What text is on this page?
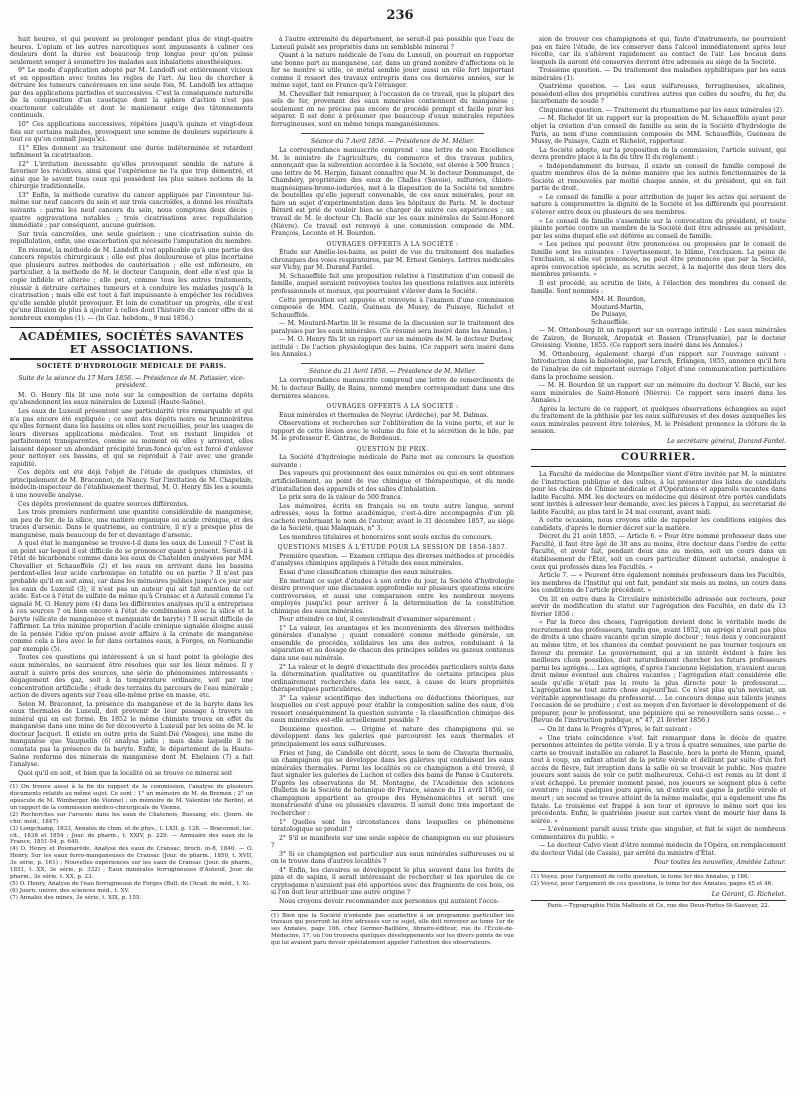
236

huit heures, et qui peuvent se prolonger pendant plus de vingt-quatre heures. L'opium et les autres narcotiques sont impuissants à calmer ces douleurs dont la durée est beaucoup trop longue pour qu'on puisse seulement songer à soumettre les malades aux inhalations anesthésiques.

9° Le mode d'application adopté par M. Landolfi est entièrement vicieux et en opposition avec toutes les règles de l'art. Au lieu de chercher à détruire les tumeurs cancéreuses en une seule fois, M. Landolfi les attaque par des applications partielles et successives. C'est la conséquence naturelle de la composition d'un caustique dont la sphère d'action n'est pas exactement calculable et dont le maniement exige des tâtonnements continuels.

10° Ces applications successives, répétées jusqu'à quinze et vingt-deux fois sur certains malades, provoquent une somme de douleurs supérieure à tout ce qu'on connaît jusqu'ici.

11° Elles donnent au traitement une durée indéterminée et retardent infiniment la cicatrisation.

12° L'irritation incessante qu'elles provoquent semble de nature à favoriser les récidives, ainsi que l'expérience ne l'a que trop démontré, et ainsi que le savent tous ceux qui possèdent les plus saines notions de la chirurgie traditionnelle.

13° Enfin, la méthode curative du cancer appliquée par l'inventeur lui-même sur neuf cancers du sein et sur trois cancroïdes, a donné les résultats suivants : parmi les neuf cancers du sein, nous comptons deux décès ; quatre aggravations notables ; trois cicatrisations avec repullulation immédiate ; par conséquent, aucune guérison.

Sur trois cancroïdes, une seule guérison ; une cicatrisation suivie de repullulation, enfin, une exacerbation qui nécessite l'amputation du membre.

En résumé, la méthode de M. Landolfi n'est applicable qu'à une partie des cancers réputés chirurgicaux ; elle est plus douloureuse et plus incertaine que plusieurs autres méthodes de cautérisation ; elle est inférieure, en particulier, à la méthode de M. le docteur Canquoin, dont elle n'est que la copie infidèle et altérée ; elle peut, comme tous les autres traitements, réussir à détruire certaines tumeurs et à conduire les malades jusqu'à la cicatrisation ; mais elle est tout à fait impuissante à empêcher les récidives qu'elle semble plutôt provoquer. Et loin de constituer un progrès, elle n'est qu'une illusion de plus à ajouter à celles dont l'histoire du cancer offre de si nombreux exemples (1). — (In Gaz. hebdom., 9 mai 1856.)

ACADÉMIES, SOCIÉTÉS SAVANTES ET ASSOCIATIONS.
SOCIÉTÉ D'HYDROLOGIE MÉDICALE DE PARIS.
Suite de la séance du 17 Mars 1856. — Présidence de M. Patissier, vice-président.

M. O. Henry fils lit une note sur la composition de certains dépôts qu'abandonnent les eaux minérales de Luxeuil (Haute-Saône).

Les eaux de Luxeuil présentent une particularité très remarquable et qui n'a pas encore été expliquée ; ce sont des dépôts noirs ou brunnoirâtres qu'elles forment dans les bassins où elles sont recueillies, pour les usages de leurs diverses applications médicales. Tout en restant limpides et parfaitement transparentes, comme au moment où elles y arrivent, elles laissent déposer un abondant précipité brun-foncé qu'on est forcé d'enlever pour nettoyer ces bassins, et qui se reproduit à l'air avec une grande rapidité.

Ces dépôts ont été déjà l'objet de l'étude de quelques chimistes, et principalement de M. Braconnot, de Nancy. Sur l'invitation de M. Chapelain, médecin-inspecteur de l'établissement thermal, M. O. Henry fils les a soumis à une nouvelle analyse.

Ces dépôts proviennent de quatre sources différentes.

Les trois premiers renferment une quantité considérable de manganèse, un peu de fer, de la silice, une matière organique ou acide crénique, et des traces d'arsenic. Dans le quatrième, au contraire, il n'y a presque plus de manganèse, mais beaucoup de fer et davantage d'arsenic.

A quel état le manganèse se trouve-t-il dans les eaux de Luxeuil ? C'est là un point sur lequel il est difficile de se prononcer quant à présent. Serait-il à l'état de bicarbonate comme dans les eaux de Chateldon analysées par MM. Chevallier et Schaueffèle (2) et les eaux en arrivant dans les bassins perdent-elles leur acide carbonique en totalité ou en partie ? Il n'est pas probable qu'il en soit ainsi, car dans les mémoires publiés jusqu'à ce jour sur les eaux de Luxeuil (3), il n'est pas un auteur qui ait fait mention de cet acide. Est-ce à l'état de sulfate de même qu'à Cransac et à Auteuil comme l'a signalé M. O. Henry père (4) dans les différentes analyses qu'il a entreprises à ces sources ? ou bien encore à l'état de combinaison avec la silice et la baryte (silicate de manganèse et manganate de baryte) ? Il serait difficile de l'affirmer. La très minime proportion d'acide crénique signalée éloigne aussi de la pensée l'idée qu'on puisse avoir affaire à la crénate de manganèse comme cela a lieu avec le fer dans certaines eaux, à Forges, en Normandie par exemple (5).

Toutes ces questions qui intéressent à un si haut point la géologie des eaux minérales, ne sauraient être résolues que sur les lieux mêmes. Il y aurait à suivre près des sources, une série de phénomènes intéressants : dégagement des gaz, soit à la température ordinaire, soit par une concentration artificielle ; étude des terrains du parcours de l'eau minérale ; action de divers agents sur l'eau elle-même prise en masse, etc.

Selon M. Braconnot, la présence du manganèse et de la baryte dans les eaux thermales de Luxeuil, doit provenir de leur passage à travers un minéral qui en est formé. En 1852 le même chimiste trouva en effet du manganèse dans une mine de fer découverte à Luxeuil par les soins de M. le docteur Jacquot. Il existe en outre près de Saint-Dié (Vosges), une mine de manganèse que Vauquelin (6) analysa jadis ; mais dans laquelle il ne constata pas la présence de la baryte. Enfin, le département de la Haute-Saône renferme des minerais de manganèse dont M. Ebelmen (7) a fait l'analyse.

Quoi qu'il en soit, et bien que la localité où se trouve ce minerai soit

(1) On trouve aussi à la fin du rapport de la commission, l'analyse de plusieurs documents relatifs au même sujet. Ce sont : 1° un mémoire de M. de Bremen ; 2° un opuscule de M. Wimberger (de Vienne) ; un mémoire de M. Valentini (de Berlin), et un rapport de la commission médico-chirurgicale de Vienne.

(2) Recherches sur l'arsenic dans les eaux de Chatenois, Bussang, etc. (Journ. de chir. méd., 1847)

(3) Longchamp, 1833, Annales de chim. et de phys., t. LXII, p. 138. — Braconnot, loc. cit., 1838 et 1854 ; Jour. de pharm., t. XXIV, p. 229. — Annuaire des eaux de la France, 1851-54, p. 640.

(4) O. Henry et Poumarède, Analyse des eaux de Cransac, broch. in-8, 1840. — O. Henry, Sur les eaux ferro-manganeuses de Cransac (Jour. de pharm., 1850, t. XVII, 3e série, p. 161) ; Nouvelles expériences sur les eaux de Cransac (Jour. de pharm., 1851, t. XX, 3e série, p. 332) ; Eaux minérales ferrugineuses d'Auteuil, Jour. de pharm., 3e série, t. XX, p. 23.

(5) O. Henry, Analyse de l'eau ferrugineuse de Forges (Bull. de l'Acad. de méd., t. X).

(6) Journ. univer. des sciences méd., t. XV.

(7) Annales des mines, 3e série, t. XIX, p. 155.

à l'autre extrémité du département, ne serait-il pas possible que l'eau de Luxeuil puisât ses propriétés dans un semblable minerai ?

Quant à la nature médicale de l'eau de Luxeuil, on pourrait en rapporter une bonne part au manganèse, car, dans un grand nombre d'affections où le fer se montre si utile, ce métal semble jouer aussi un rôle fort important comme il ressort des travaux entrepris dans ces dernières années, sur le même sujet, tant en France qu'à l'étranger.

M. Chevallier fait remarquer, à l'occasion de ce travail, que la plupart des sels de fer, provenant des eaux minérales contiennent du manganèse ; seulement on ne précise pas encore de procédé prompt et facile pour les séparer. Il est donc à présumer que beaucoup d'eaux minérales réputées ferrugineuses, sont en même temps manganésiennes.

Séance du 7 Avril 1856. — Présidence de M. Mélier.

La correspondance manuscrite comprend : une lettre de son Excellence M. le ministre de l'agriculture, du commerce et des travaux publics, annonçant que la subvention accordée à la Société, est élevée à 500 francs ; une lettre de M. Herpin, faisant connaître que M. le docteur Dommanget, de Chambéry, propriétaire des eaux de Challes (Savoie), sulfurées, chloro-magnésiques-bromo-iodurées, met à la disposition de la Société tel nombre de bouteilles qu'elle jugerait convenable, de ces eaux minérales, pour en faire un sujet d'expérimentation dans les hôpitaux de Paris. M. le docteur Bérard est prié de vouloir bien se charger de suivre ces expériences ; un travail de M. le docteur Ch. Baclé sur les eaux minérales de Saint-Honoré (Nièvre). Ce travail est renvoyé à une commission composée de MM. François, Leconte et H. Bourdon.

OUVRAGES OFFERTS À LA SOCIÉTÉ :

Étude sur Amélie-les-bains, au point de vue du traitement des maladies chroniques des voies respiratoires, par M. Ernest Genieys. Lettres médicales sur Vichy, par M. Durand Fardel.

M. Schaueffèle fait une proposition relative à l'institution d'un conseil de famille, auquel seraient renvoyées toutes les questions relatives aux intérêts professionnels et moraux, qui pourraient s'élever dans la Société.

Cette proposition est appuyée et renvoyée à l'examen d'une commission composée de MM. Cazin, Guéneau de Mussy, de Puisaye, Richelot et Schaueffèle.

— M. Moutard-Martin lit le résumé de la discussion sur le traitement des paralysies par les eaux minérales. (Ce résumé sera inséré dans les Annales.)

— M. O. Henry fils lit un rapport sur un mémoire de M. le docteur Durlow, intitulé : De l'action physiologique des bains. (Ce rapport sera inséré dans les Annales.)

Séance du 21 Avril 1856. — Présidence de M. Mélier.

La correspondance manuscrite comprend une lettre de remercîments de M. le docteur Bailly, de Bains, nommé membre correspondant dans une des dernières séances.

OUVRAGES OFFERTS À LA SOCIÉTÉ :

Eaux minérales et thermales de Neyrac (Ardèche), par M. Dalmas.

Observations et recherches sur l'oblitération de la veine porte, et sur le rapport de cette lésion avec le volume du foie et la sécrétion de la bile, par M. le professeur E. Gintrac, de Bordeaux.

QUESTION DE PRIX.

La Société d'hydrologie médicale de Paris met au concours la question suivante :

Des vapeurs qui proviennent des eaux minérales ou qui en sont obtenues artificiellement, au point de vue chimique et thérapeutique, et du mode d'installation des appareils et des salles d'inhalation.

Le prix sera de la valeur de 500 francs.

Les mémoires, écrits en français ou en toute autre langue, seront adressés, sous la forme académique, c'est-à-dire accompagnés d'un pli cacheté renfermant le nom de l'auteur, avant le 31 décembre 1857, au siège de la Société, quai Malaquais, n° 3.

Les membres titulaires et honoraires sont seuls exclus du concours.

QUESTIONS MISES À L'ÉTUDE POUR LA SESSION DE 1856-1857.

Première question. — Examen critique des diverses méthodes et procédés d'analyses chimiques appliqués à l'étude des eaux minérales.

Essai d'une classification chimique des eaux minérales.

En mettant ce sujet d'études à son ordre du jour, la Société d'hydrologie désire provoquer une discussion approfondie sur plusieurs questions encore controversées, et aussi une comparaison entre les nombreux moyens employés jusqu'ici pour arriver à la détermination de la constitution chimique des eaux minérales.

Pour atteindre ce but, il conviendrait d'examiner séparément :

1° La valeur, les avantages et les inconvénients des diverses méthodes générales d'analyse ; quant considéré comme méthode générale, un ensemble de procédés, solidaires les uns des autres, conduisant à la séparation et au dosage de chacun des principes solides ou gazeux contenus dans une eau minérale.

2° La valeur et le degré d'exactitude des procédés particuliers suivis dans la détermination qualitative ou quantitative de certains principes plus ordinairement recherchés dans les eaux, à cause de leurs propriétés thérapeutiques particulières.

3° La valeur scientifique des inductions ou déductions théoriques, sur lesquelles on s'est appuyé pour établir la composition saline des eaux, d'où ressort conséquemment la question suivante : la classification chimique des eaux minérales est-elle actuellement possible ?

Deuxième question. — Origine et nature des champignons qui se développent dans les galeries que parcourent les eaux thermales et principalement les eaux sulfureuses.

Fries et Jung, de Candolle ont décrit, sous le nom de Clavaria thermalis, un champignon qui se développe dans les galeries qui conduisent les eaux minérales thermales. Parmi les localités où ce champignon a été trouvé, il faut signaler les galeries de Luchon et celles des bains de Panse à Cauterets. D'après les observations de M. Montagne, de l'Académie des sciences (Bulletin de la Société de botanique de France, séance du 11 avril 1856), ce champignon appartient au groupe des Hyménomicètes et serait une monstruosité d'une ou plusieurs clavaires. Il serait donc très important de rechercher :

1° Quelles sont les circonstances dans lesquelles ce phénomène tératologique se produit ?

2° S'il se manifeste sur une seule espèce de champignon ou sur plusieurs ?

3° Si ce champignon est particulier aux eaux minérales sulfureuses ou si on le trouve dans d'autres localités ?

4° Enfin, les clavaires se développent le plus souvent dans les forêts de pins et de sapins, il serait intéressant de rechercher si les sporules de ce cryptogame n'auraient pas été apportées avec des fragments de ces bois, ou si l'on doit leur attribuer une autre origine ?

Nous croyons devoir recommander aux personnes qui auraient l'occa-

(1) Bien que la Société n'entende pas soumettre à un programme particulier les travaux qui pourront lui être adressés sur ce sujet, elle doit renvoyer au tome 1er de ses Annales, page 166, chez Germer-Baillière, libraire-éditeur, rue de l'École-de-Médecine, 17, où l'on trouvera quelques développements sur les divers points de vue qui lui avaient paru devoir spécialement appeler l'attention des observateurs.

sion de trouver ces champignons et qui, faute d'instruments, ne pourraient pas en faire l'étude, de les conserver dans l'alcool immédiatement après leur récolte, car ils s'altèrent rapidement au contact de l'air. Les bocaux dans lesquels ils auront été conservés devront être adressés au siège de la Société.

Troisième question. — Du traitement des maladies syphilitiques par les eaux minérales (1).

Quatrième question. — Les eaux sulfureuses, ferrugineuses, alcalines, possèdent-elles des propriétés curatives autres que celles du soufre, du fer, du bicarbonate de soude ?

Cinquième question. — Traitement du rhumatisme par les eaux minérales (2).

— M. Richelot lit un rapport sur la proposition de M. Schaueffèle ayant pour objet la création d'un conseil de famille au sein de la Société d'hydrologie de Paris, au nom d'une commission composée de MM. Schaueffèle, Guéneau de Mussy, de Puisaye, Cazin et Richelot, rapporteur.

La Société adopte, sur la proposition de la commission, l'article suivant, qui devra prendre place à la fin du titre II du règlement :

« Indépendamment du bureau, il existe un conseil de famille composé de quatre membres élus de la même manière que les autres fonctionnaires de la Société et renouvelés par moitié chaque année, et du président, qui en fait partie de droit.

« Le conseil de famille a pour attribution de juger les actes qui seraient de nature à compromettre la dignité de la Société et les différends qui pourraient s'élever entre deux ou plusieurs de ses membres.

« Le conseil de famille s'assemble sur la convocation du président, et toute plainte portée contre un membre de la Société doit être adressée au président, par les soins duquel elle est déférée au conseil de famille.

« Les peines qui peuvent être prononcées ou proposées par le conseil de famille sont les suivantes : l'avertissement, le blâme, l'exclusion. La peine de l'exclusion, si elle est prononcée, ne peut être prononcée que par la Société, après convocation spéciale, au scrutin secret, à la majorité des deux tiers des membres présents. »

Il est procédé, au scrutin de liste, à l'élection des membres du conseil de famille. Sont nommés :

MM. H. Bourdon,
Moutard-Martin,
De Puisaye,
Schaueffèle.

— M. Ottenbourg lit un rapport sur un ouvrage intitulé : Les eaux minérales de Zaizon, de Borszek, Aropatak et Bassen (Transylvanie), par le docteur Greissing. Vienne, 1855. (Ce rapport sera inséré dans les Annales.)

M. Ottenbourg, également chargé d'un rapport sur l'ouvrage suivant : Introduction dans la balnéologie, par Lersch, Erlangen, 1855, annonce qu'il fera de l'analyse de cet important ouvrage l'objet d'une communication particulière dans la prochaine session.

— M. H. Bourdon lit un rapport sur un mémoire du docteur V. Baclé, sur les eaux minérales de Saint-Honoré (Nièvre). Ce rapport sera inséré dans les Annales.)

Après la lecture de ce rapport, et quelques observations échangées au sujet du traitement de la phthisie par les eaux sulfureuses et des doses auxquelles les eaux minérales peuvent être tolérées, M. le Président prononce la clôture de la session.

Le secrétaire général, Durand-Fardel.
COURRIER.

La Faculté de médecine de Montpellier vient d'être invitée par M. le ministre de l'instruction publique et des cultes, à lui présenter des listes de candidats pour les chaires de Chimie médicale et d'Opérations et appareils vacantes dans ladite Faculté. MM. les docteurs en médecine qui désirent être portés candidats sont invités à adresser leur demande, avec les pièces à l'appui, au secrétariat de ladite Faculté, au plus tard le 24 mai courant, avant midi.

A cette occasion, nous croyons utile de rappeler les conditions exigées des candidats, d'après le dernier décret sur la matière.

Décret du 21 août 1855. — Article 6. « Pour être nommé professeur dans une Faculté, il faut être âgé de 30 ans au moins, être docteur dans l'ordre de cette Faculté, et avoir fait, pendant deux ans au moins, soit un cours dans un établissement de l'État, soit un cours particulier dûment autorisé, analogue à ceux qui professés dans les Facultés. »

Article 7. — « Peuvent être également nommés professeurs dans les Facultés, les membres de l'Institut qui ont fait, pendant six mois au moins, un cours dans les conditions de l'article précédent. »

On lit en outre dans la Circulaire ministérielle adressée aux recteurs, pour servir de modification du statut sur l'agrégation des Facultés, en date du 13 février 1856 :

« Par la force des choses, l'agrégation devient donc le véritable mode de recrutement des professeurs, tandis que, avant 1852, un agrégé n'avait pas plus de droits à une chaire vacante qu'un simple docteur ; tous deux y concouraient au même titre, et les chances du combat pouvaient ne pas tourner toujours en faveur du premier. Le gouvernement, qui a un intérêt évident à faire les meilleurs choix possibles, doit naturellement chercher les futurs professeurs parmi les agrégés.... Les agrégés, d'après l'ancienne législation, n'avaient aucun droit même éventuel aux chaires vacantes ; l'agrégation était considérée elle seule qu'elle n'était pas la route la plus directe pour le professorat.... L'agrégation ne tout autre chose aujourd'hui. Ce n'est plus qu'un noviciat, un véritable apprentissage du professorat.... Le concours donne aux talents jeunes l'occasion de se produire ; c'est au moyen d'en favoriser le développement et de préparer, pour le professorat, une pépinière qui se renouvellera sans cesse... » (Revue de l'instruction publique, n° 47, 21 février 1856.)

— On lit dans le Progrès d'Ypres, le fait suivant :

« Une triste coïncidence s'est fait remarquer dans le décès de quatre personnes atteintes de petite vérole. Il y a trois à quatre semaines, une partie de carte se trouvait installée au cabaret la Bascule, hors la porte de Menin, quand, tout à coup, un enfant atteint de la petite vérole et délirant par suite d'un fort accès de fièvre, fait irruption dans la salle où se trouvait le public. Nos quatre joueurs sont saisis de voir ce petit malheureux. Celui-ci est remis au lit dont il s'est échappé. Le premier moment passé, nos joueurs se soignent plus à cette aventure ; mais quelques jours après, un d'entre eux gagne la petite vérole et meurt ; un second se trouve atteint de la même maladie, qui a également une fin fatale. Le troisième est frappé à son tour et éprouve le même sort que les précédents. Enfin, le quatrième joueur aux cartes vient de mourir hier dans la soirée. »

— L'événement paraît aussi triste que singulier, et fait le sujet de nombreux commentaires du public. »

— Le docteur Calvo vient d'être nommé médecin de l'Opéra, en remplacement du docteur Vidal (de Cassis), par arrêté du ministre d'État.

Pour toutes les nouvelles, Amédée Latour.

(1) Voyez, pour l'argument de cette question, le tome Ier des Annales, p 186.

(2) Voyez, pour l'argument de ces questions, le tome Ier des Annales, pages 45 et 46.

Le Gérant, G. Richelot.
Paris.—Typographie Félix Malteste et Ce, rue des Deux-Portes-St-Sauveur, 22.
